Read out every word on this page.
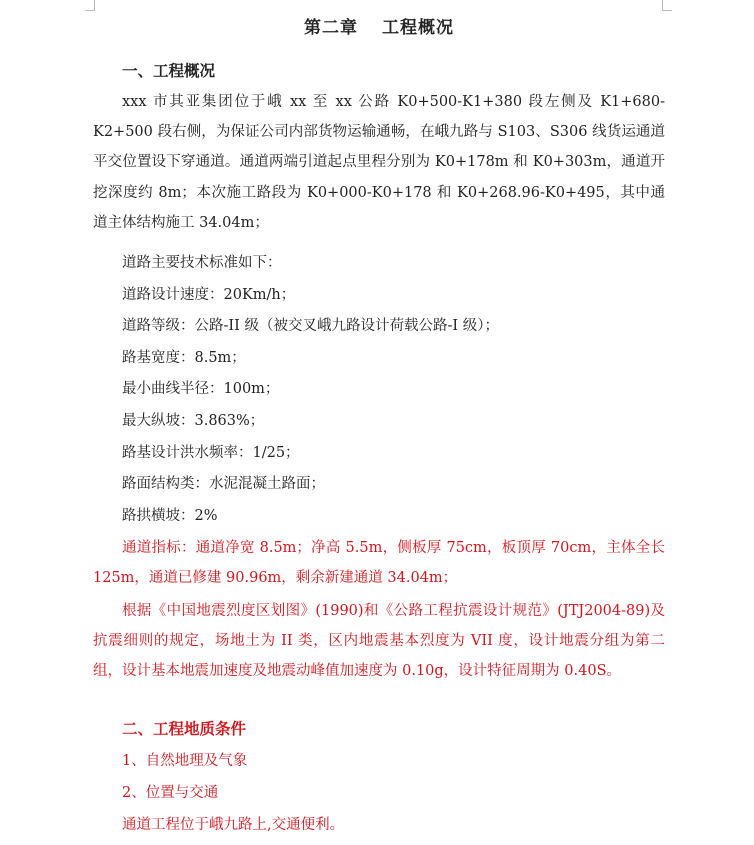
第二章 工程概况
一、工程概况
xxx 市其亚集团位于峨 xx 至 xx 公路 K0+500-K1+380 段左侧及 K1+680-K2+500 段右侧，为保证公司内部货物运输通畅，在峨九路与 S103、S306 线货运通道平交位置设下穿通道。通道两端引道起点里程分别为 K0+178m 和 K0+303m，通道开挖深度约 8m；本次施工路段为 K0+000-K0+178 和 K0+268.96-K0+495，其中通道主体结构施工 34.04m；
道路主要技术标准如下：
道路设计速度：20Km/h；
道路等级：公路-II 级（被交叉峨九路设计荷载公路-I 级）；
路基宽度：8.5m；
最小曲线半径：100m；
最大纵坡：3.863%；
路基设计洪水频率：1/25；
路面结构类：水泥混凝土路面；
路拱横坡：2%
通道指标：通道净宽 8.5m；净高 5.5m，侧板厚 75cm，板顶厚 70cm，主体全长 125m，通道已修建 90.96m，剩余新建通道 34.04m；
根据《中国地震烈度区划图》(1990)和《公路工程抗震设计规范》(JTJ2004-89)及抗震细则的规定，场地土为 II 类，区内地震基本烈度为 VII 度，设计地震分组为第二组，设计基本地震加速度及地震动峰值加速度为 0.10g，设计特征周期为 0.40S。
二、工程地质条件
1、自然地理及气象
2、位置与交通
通道工程位于峨九路上,交通便利。
